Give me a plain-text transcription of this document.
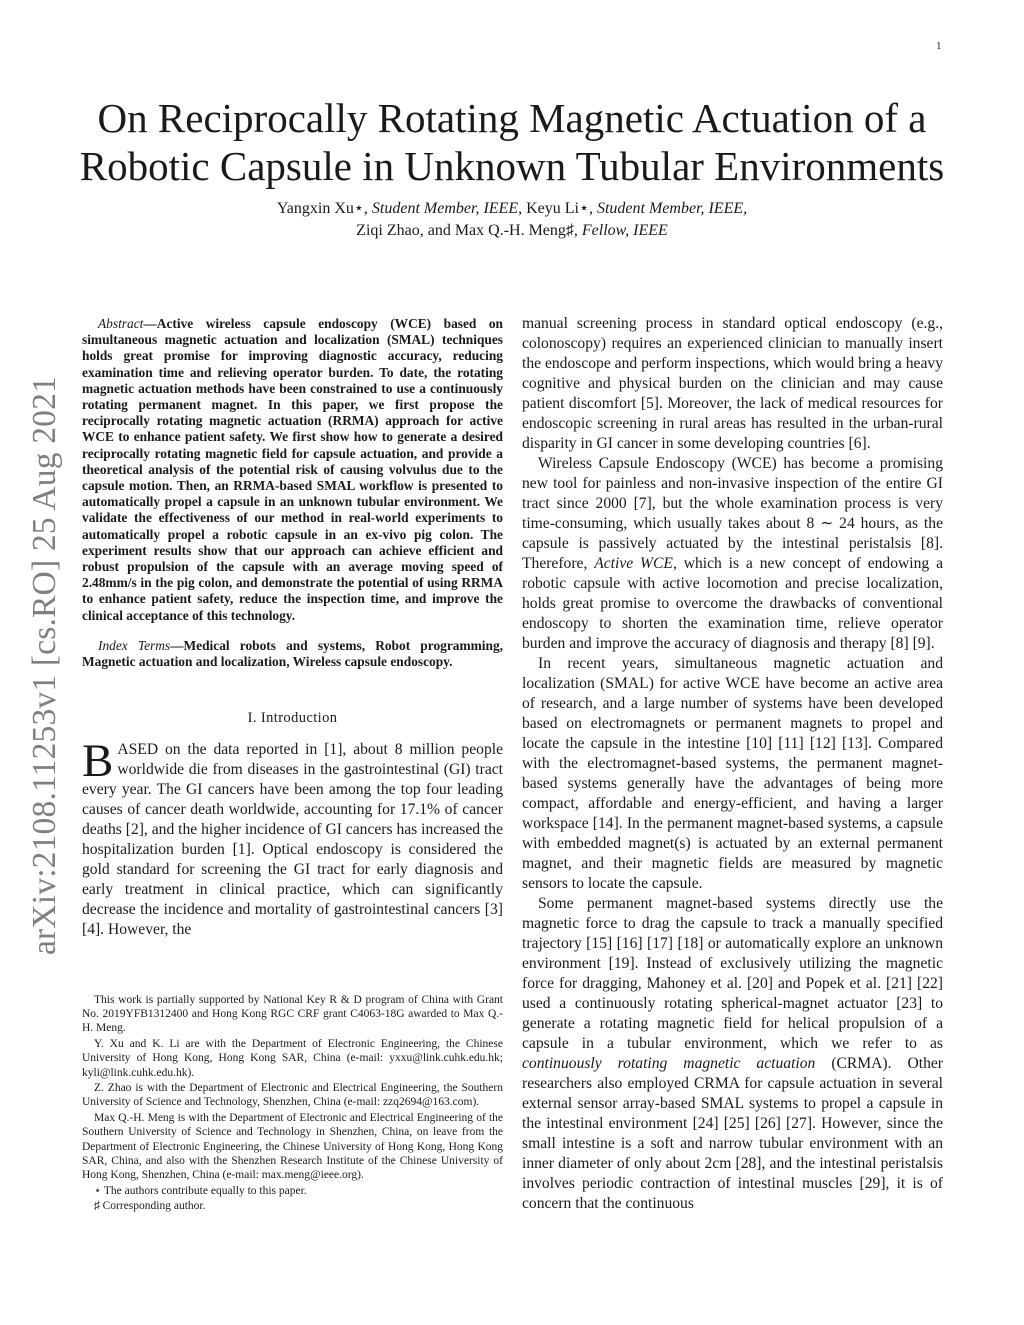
1
arXiv:2108.11253v1 [cs.RO] 25 Aug 2021
On Reciprocally Rotating Magnetic Actuation of a
Robotic Capsule in Unknown Tubular Environments
Yangxin Xu⋆, Student Member, IEEE, Keyu Li⋆, Student Member, IEEE,
Ziqi Zhao, and Max Q.-H. Meng♯, Fellow, IEEE

Abstract—Active wireless capsule endoscopy (WCE) based on simultaneous magnetic actuation and localization (SMAL) techniques holds great promise for improving diagnostic accuracy, reducing examination time and relieving operator burden. To date, the rotating magnetic actuation methods have been constrained to use a continuously rotating permanent magnet. In this paper, we first propose the reciprocally rotating magnetic actuation (RRMA) approach for active WCE to enhance patient safety. We first show how to generate a desired reciprocally rotating magnetic field for capsule actuation, and provide a theoretical analysis of the potential risk of causing volvulus due to the capsule motion. Then, an RRMA-based SMAL workflow is presented to automatically propel a capsule in an unknown tubular environment. We validate the effectiveness of our method in real-world experiments to automatically propel a robotic capsule in an ex-vivo pig colon. The experiment results show that our approach can achieve efficient and robust propulsion of the capsule with an average moving speed of 2.48mm/s in the pig colon, and demonstrate the potential of using RRMA to enhance patient safety, reduce the inspection time, and improve the clinical acceptance of this technology.

Index Terms—Medical robots and systems, Robot programming, Magnetic actuation and localization, Wireless capsule endoscopy.

I. Introduction

BASED on the data reported in [1], about 8 million people worldwide die from diseases in the gastrointestinal (GI) tract every year. The GI cancers have been among the top four leading causes of cancer death worldwide, accounting for 17.1% of cancer deaths [2], and the higher incidence of GI cancers has increased the hospitalization burden [1]. Optical endoscopy is considered the gold standard for screening the GI tract for early diagnosis and early treatment in clinical practice, which can significantly decrease the incidence and mortality of gastrointestinal cancers [3] [4]. However, the

This work is partially supported by National Key R & D program of China with Grant No. 2019YFB1312400 and Hong Kong RGC CRF grant C4063-18G awarded to Max Q.-H. Meng.

Y. Xu and K. Li are with the Department of Electronic Engineering, the Chinese University of Hong Kong, Hong Kong SAR, China (e-mail: yxxu@link.cuhk.edu.hk; kyli@link.cuhk.edu.hk).

Z. Zhao is with the Department of Electronic and Electrical Engineering, the Southern University of Science and Technology, Shenzhen, China (e-mail: zzq2694@163.com).

Max Q.-H. Meng is with the Department of Electronic and Electrical Engineering of the Southern University of Science and Technology in Shenzhen, China, on leave from the Department of Electronic Engineering, the Chinese University of Hong Kong, Hong Kong SAR, China, and also with the Shenzhen Research Institute of the Chinese University of Hong Kong, Shenzhen, China (e-mail: max.meng@ieee.org).

⋆ The authors contribute equally to this paper.

♯ Corresponding author.

manual screening process in standard optical endoscopy (e.g., colonoscopy) requires an experienced clinician to manually insert the endoscope and perform inspections, which would bring a heavy cognitive and physical burden on the clinician and may cause patient discomfort [5]. Moreover, the lack of medical resources for endoscopic screening in rural areas has resulted in the urban-rural disparity in GI cancer in some developing countries [6].

Wireless Capsule Endoscopy (WCE) has become a promising new tool for painless and non-invasive inspection of the entire GI tract since 2000 [7], but the whole examination process is very time-consuming, which usually takes about 8 ∼ 24 hours, as the capsule is passively actuated by the intestinal peristalsis [8]. Therefore, Active WCE, which is a new concept of endowing a robotic capsule with active locomotion and precise localization, holds great promise to overcome the drawbacks of conventional endoscopy to shorten the examination time, relieve operator burden and improve the accuracy of diagnosis and therapy [8] [9].

In recent years, simultaneous magnetic actuation and localization (SMAL) for active WCE have become an active area of research, and a large number of systems have been developed based on electromagnets or permanent magnets to propel and locate the capsule in the intestine [10] [11] [12] [13]. Compared with the electromagnet-based systems, the permanent magnet-based systems generally have the advantages of being more compact, affordable and energy-efficient, and having a larger workspace [14]. In the permanent magnet-based systems, a capsule with embedded magnet(s) is actuated by an external permanent magnet, and their magnetic fields are measured by magnetic sensors to locate the capsule.

Some permanent magnet-based systems directly use the magnetic force to drag the capsule to track a manually specified trajectory [15] [16] [17] [18] or automatically explore an unknown environment [19]. Instead of exclusively utilizing the magnetic force for dragging, Mahoney et al. [20] and Popek et al. [21] [22] used a continuously rotating spherical-magnet actuator [23] to generate a rotating magnetic field for helical propulsion of a capsule in a tubular environment, which we refer to as continuously rotating magnetic actuation (CRMA). Other researchers also employed CRMA for capsule actuation in several external sensor array-based SMAL systems to propel a capsule in the intestinal environment [24] [25] [26] [27]. However, since the small intestine is a soft and narrow tubular environment with an inner diameter of only about 2cm [28], and the intestinal peristalsis involves periodic contraction of intestinal muscles [29], it is of concern that the continuous
